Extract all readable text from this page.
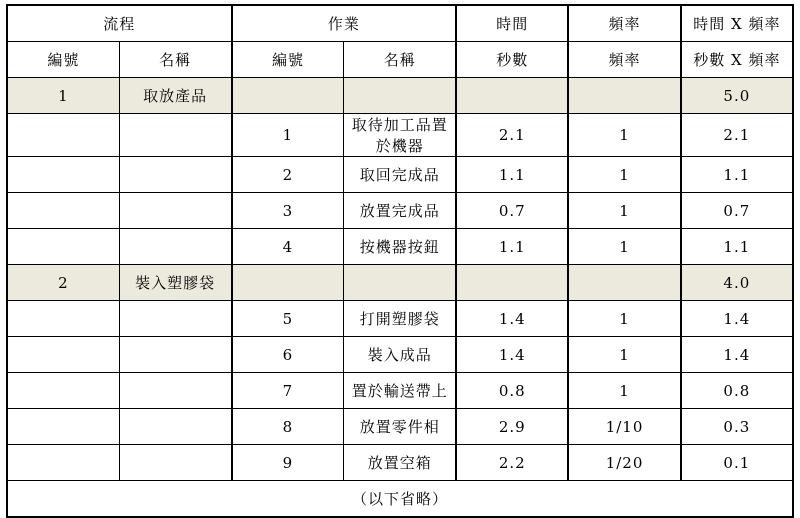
流程		作業		時間	頻率	時間 X 頻率
編號	名稱	編號	名稱	秒數	頻率	秒數 X 頻率
1	取放產品					5.0
		1	取待加工品置於機器	2.1	1	2.1
		2	取回完成品	1.1	1	1.1
		3	放置完成品	0.7	1	0.7
		4	按機器按鈕	1.1	1	1.1
2	裝入塑膠袋					4.0
		5	打開塑膠袋	1.4	1	1.4
		6	裝入成品	1.4	1	1.4
		7	置於輸送帶上	0.8	1	0.8
		8	放置零件相	2.9	1/10	0.3
		9	放置空箱	2.2	1/20	0.1
（以下省略）						
